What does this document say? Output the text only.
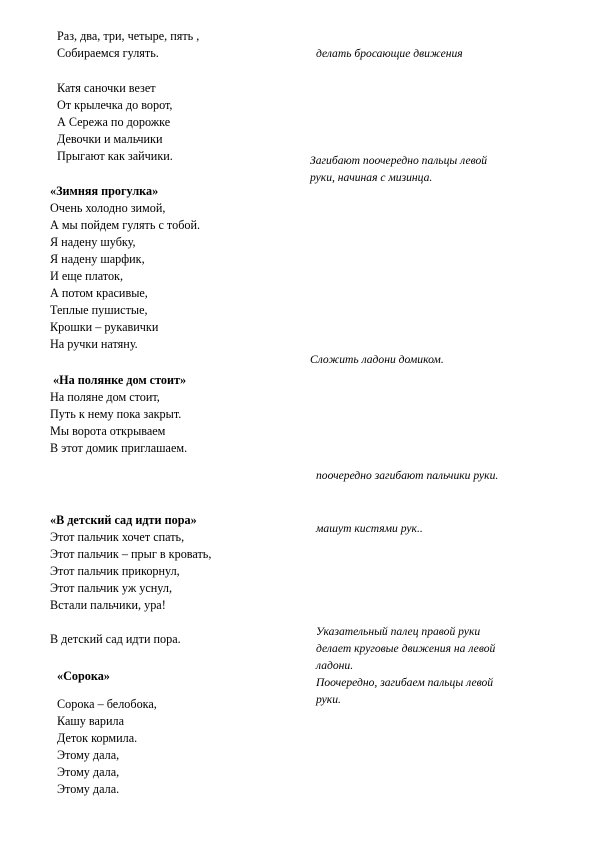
Раз, два, три, четыре, пять ,
Собираемся гулять.
Катя саночки везет
От крылечка до ворот,
А Сережа по дорожке
Девочки и мальчики
Прыгают как зайчики.
«Зимняя прогулка»
Очень холодно зимой,
А мы пойдем гулять с тобой.
Я надену шубку,
Я надену шарфик,
И еще платок,
А потом красивые,
Теплые пушистые,
Крошки – рукавички
На ручки натяну.
«На полянке дом стоит»
На поляне дом стоит,
Путь к нему пока закрыт.
Мы ворота открываем
В этот домик приглашаем.
«В детский сад идти пора»
Этот пальчик хочет спать,
Этот пальчик – прыг в кровать,
Этот пальчик прикорнул,
Этот пальчик уж уснул,
Встали пальчики, ура!
В детский сад идти пора.
«Сорока»
Сорока – белобока,
Кашу варила
Деток кормила.
Этому дала,
Этому дала,
Этому дала.
делать бросающие движения
Загибают поочередно пальцы левой
руки, начиная с мизинца.
Сложить ладони домиком.
поочередно загибают пальчики руки.
машут кистями рук..
Указательный палец правой руки
делает круговые движения на левой
ладони.
Поочередно, загибаем пальцы левой
руки.
